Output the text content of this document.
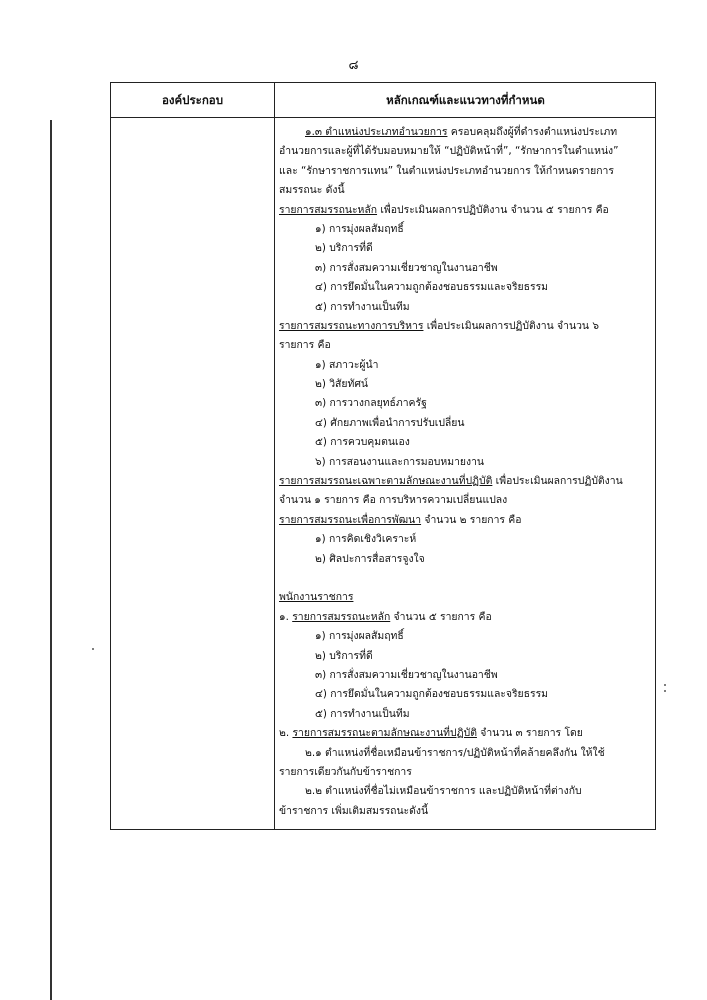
๘
องค์ประกอบ	หลักเกณฑ์และแนวทางที่กำหนด
๑.๓ ตำแหน่งประเภทอำนวยการ ครอบคลุมถึงผู้ที่ดำรงตำแหน่งประเภท
อำนวยการและผู้ที่ได้รับมอบหมายให้ “ปฏิบัติหน้าที่”, “รักษาการในตำแหน่ง”
และ “รักษาราชการแทน” ในตำแหน่งประเภทอำนวยการ ให้กำหนดรายการ
สมรรถนะ ดังนี้
รายการสมรรถนะหลัก เพื่อประเมินผลการปฏิบัติงาน จำนวน ๕ รายการ คือ
๑) การมุ่งผลสัมฤทธิ์
๒) บริการที่ดี
๓) การสั่งสมความเชี่ยวชาญในงานอาชีพ
๔) การยึดมั่นในความถูกต้องชอบธรรมและจริยธรรม
๕) การทำงานเป็นทีม
รายการสมรรถนะทางการบริหาร เพื่อประเมินผลการปฏิบัติงาน จำนวน ๖
รายการ คือ
๑) สภาวะผู้นำ
๒) วิสัยทัศน์
๓) การวางกลยุทธ์ภาครัฐ
๔) ศักยภาพเพื่อนำการปรับเปลี่ยน
๕) การควบคุมตนเอง
๖) การสอนงานและการมอบหมายงาน
รายการสมรรถนะเฉพาะตามลักษณะงานที่ปฏิบัติ เพื่อประเมินผลการปฏิบัติงาน
จำนวน ๑ รายการ คือ การบริหารความเปลี่ยนแปลง
รายการสมรรถนะเพื่อการพัฒนา จำนวน ๒ รายการ คือ
๑) การคิดเชิงวิเคราะห์
๒) ศิลปะการสื่อสารจูงใจ
พนักงานราชการ
๑. รายการสมรรถนะหลัก จำนวน ๕ รายการ คือ
๑) การมุ่งผลสัมฤทธิ์
๒) บริการที่ดี
๓) การสั่งสมความเชี่ยวชาญในงานอาชีพ
๔) การยึดมั่นในความถูกต้องชอบธรรมและจริยธรรม
๕) การทำงานเป็นทีม
๒. รายการสมรรถนะตามลักษณะงานที่ปฏิบัติ จำนวน ๓ รายการ โดย
๒.๑ ตำแหน่งที่ชื่อเหมือนข้าราชการ/ปฏิบัติหน้าที่คล้ายคลึงกัน ให้ใช้
รายการเดียวกันกับข้าราชการ
๒.๒ ตำแหน่งที่ชื่อไม่เหมือนข้าราชการ และปฏิบัติหน้าที่ต่างกับ
ข้าราชการ เพิ่มเติมสมรรถนะดังนี้
